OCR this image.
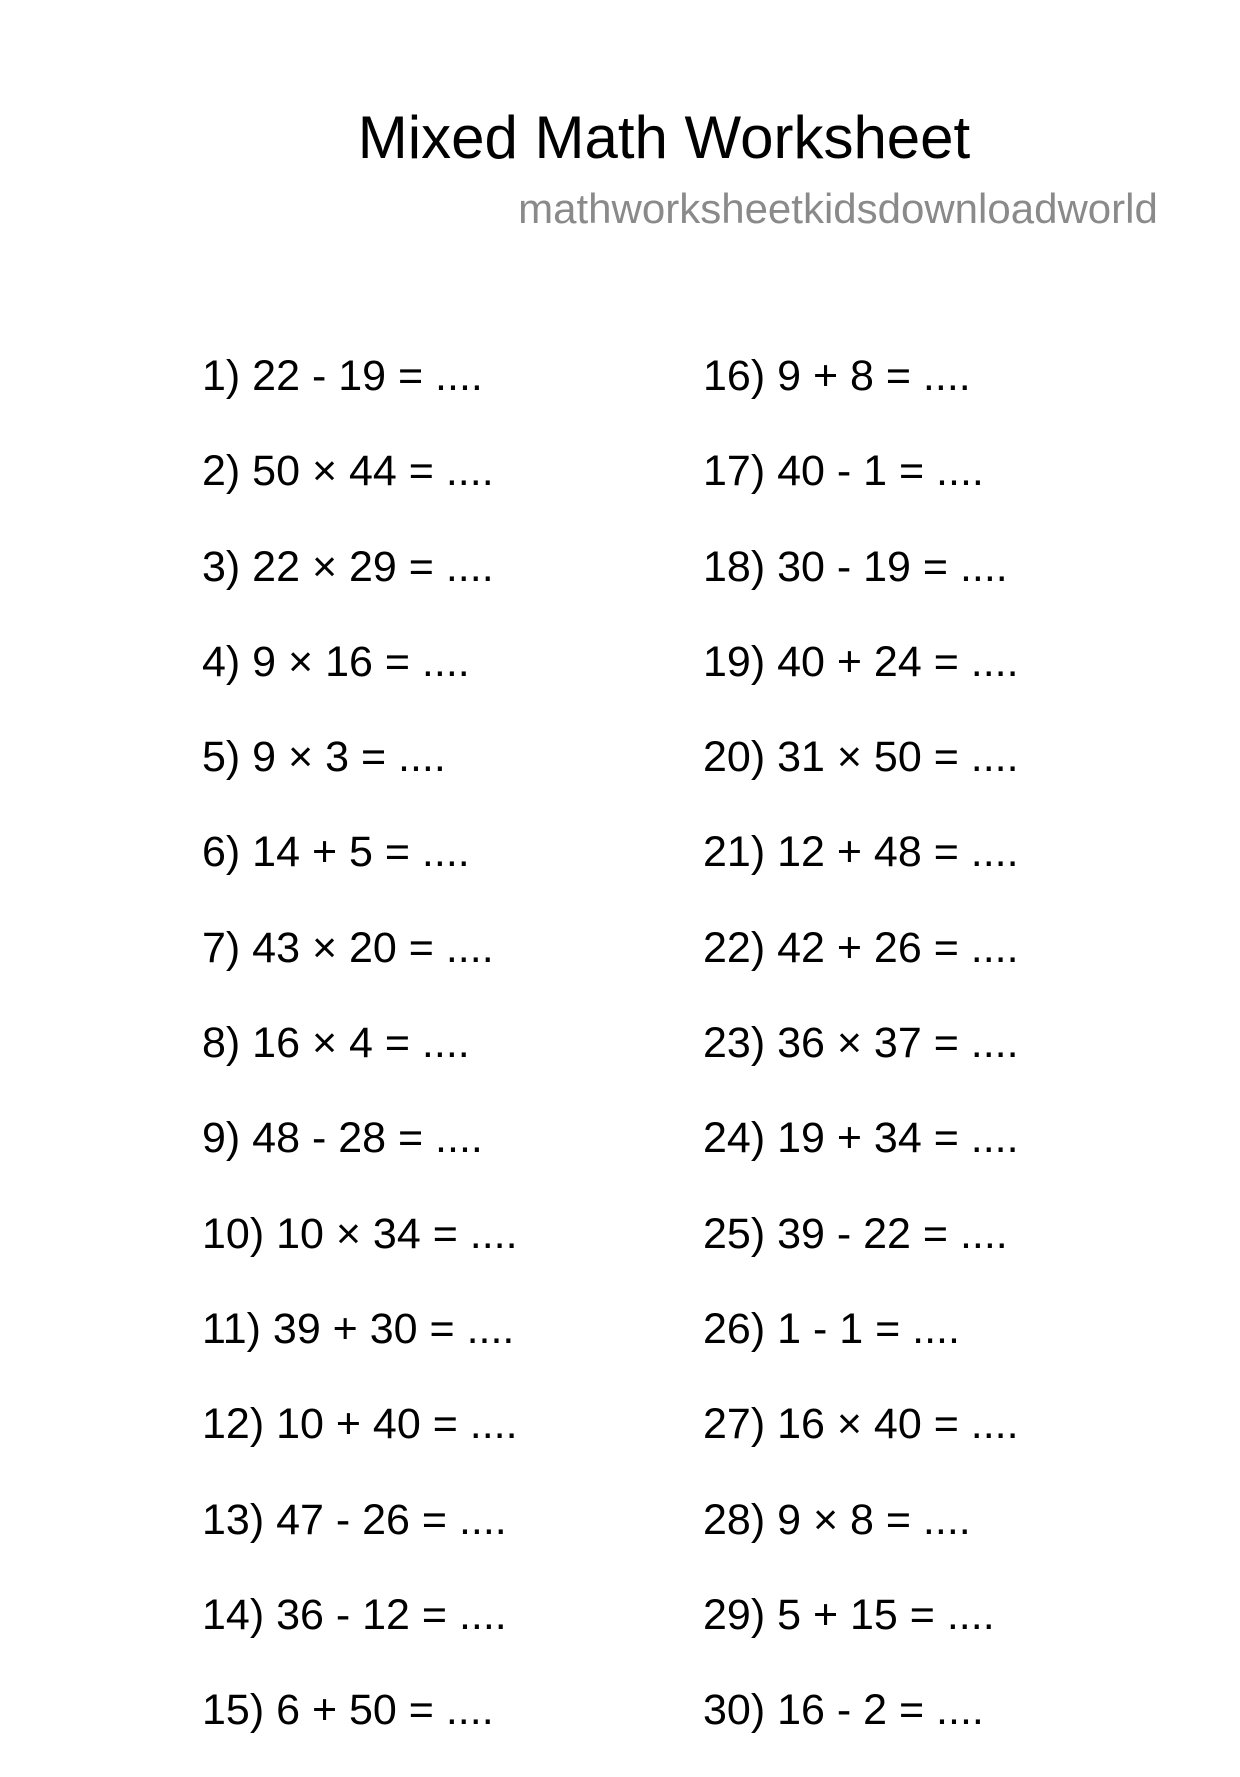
Mixed Math Worksheet
mathworksheetkidsdownloadworld
1) 22 - 19 = ....
2) 50 × 44 = ....
3) 22 × 29 = ....
4) 9 × 16 = ....
5) 9 × 3 = ....
6) 14 + 5 = ....
7) 43 × 20 = ....
8) 16 × 4 = ....
9) 48 - 28 = ....
10) 10 × 34 = ....
11) 39 + 30 = ....
12) 10 + 40 = ....
13) 47 - 26 = ....
14) 36 - 12 = ....
15) 6 + 50 = ....
16) 9 + 8 = ....
17) 40 - 1 = ....
18) 30 - 19 = ....
19) 40 + 24 = ....
20) 31 × 50 = ....
21) 12 + 48 = ....
22) 42 + 26 = ....
23) 36 × 37 = ....
24) 19 + 34 = ....
25) 39 - 22 = ....
26) 1 - 1 = ....
27) 16 × 40 = ....
28) 9 × 8 = ....
29) 5 + 15 = ....
30) 16 - 2 = ....
